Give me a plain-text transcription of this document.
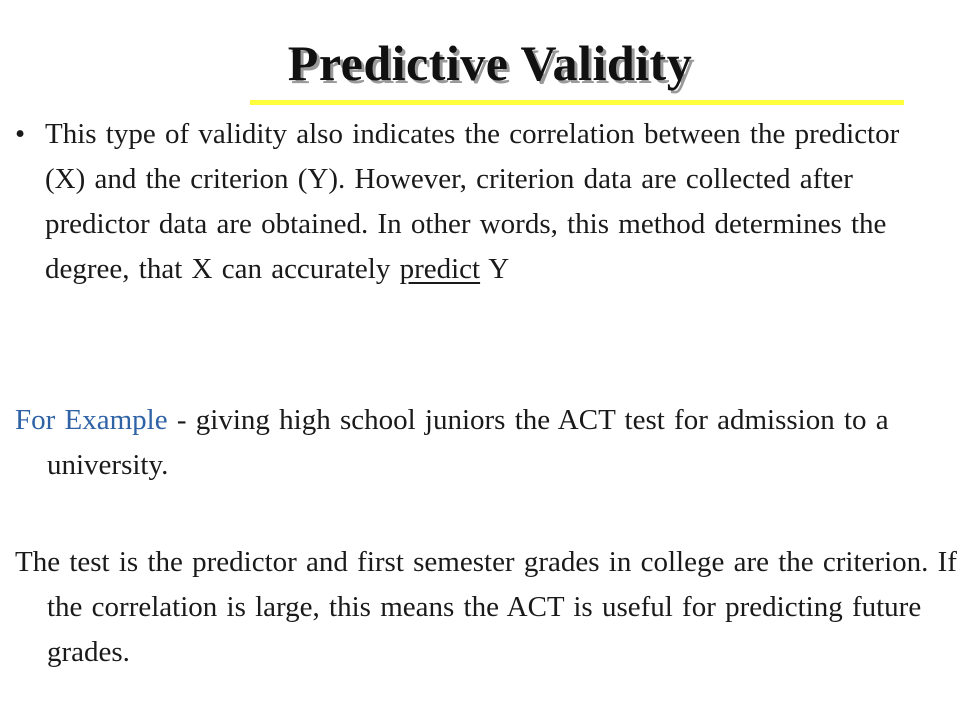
Predictive Validity
• This type of validity also indicates the correlation between the predictor (X) and the criterion (Y). However, criterion data are collected after predictor data are obtained. In other words, this method determines the degree, that X can accurately predict Y
For Example - giving high school juniors the ACT test for admission to a university.
The test is the predictor and first semester grades in college are the criterion. If the correlation is large, this means the ACT is useful for predicting future grades.
